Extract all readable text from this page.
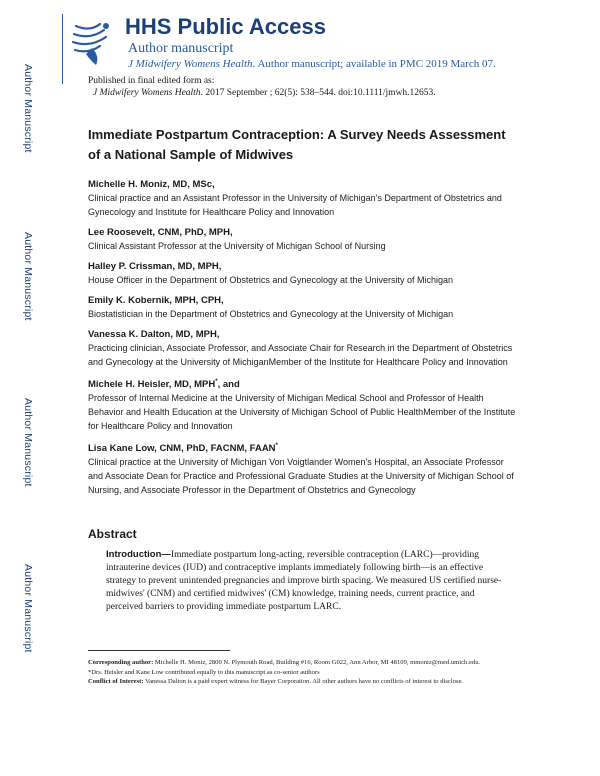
Author Manuscript
Author Manuscript
Author Manuscript
Author Manuscript
HHS Public Access
Author manuscript
J Midwifery Womens Health. Author manuscript; available in PMC 2019 March 07.
Published in final edited form as:
J Midwifery Womens Health. 2017 September ; 62(5): 538–544. doi:10.1111/jmwh.12653.
Immediate Postpartum Contraception: A Survey Needs Assessment of a National Sample of Midwives
Michelle H. Moniz, MD, MSc,
Clinical practice and an Assistant Professor in the University of Michigan's Department of Obstetrics and Gynecology and Institute for Healthcare Policy and Innovation
Lee Roosevelt, CNM, PhD, MPH,
Clinical Assistant Professor at the University of Michigan School of Nursing
Halley P. Crissman, MD, MPH,
House Officer in the Department of Obstetrics and Gynecology at the University of Michigan
Emily K. Kobernik, MPH, CPH,
Biostatistician in the Department of Obstetrics and Gynecology at the University of Michigan
Vanessa K. Dalton, MD, MPH,
Practicing clinician, Associate Professor, and Associate Chair for Research in the Department of Obstetrics and Gynecology at the University of MichiganMember of the Institute for Healthcare Policy and Innovation
Michele H. Heisler, MD, MPH*, and
Professor of Internal Medicine at the University of Michigan Medical School and Professor of Health Behavior and Health Education at the University of Michigan School of Public HealthMember of the Institute for Healthcare Policy and Innovation
Lisa Kane Low, CNM, PhD, FACNM, FAAN*
Clinical practice at the University of Michigan Von Voigtlander Women's Hospital, an Associate Professor and Associate Dean for Practice and Professional Graduate Studies at the University of Michigan School of Nursing, and Associate Professor in the Department of Obstetrics and Gynecology
Abstract
Introduction—Immediate postpartum long-acting, reversible contraception (LARC)—providing intrauterine devices (IUD) and contraceptive implants immediately following birth—is an effective strategy to prevent unintended pregnancies and improve birth spacing. We measured US certified nurse-midwives' (CNM) and certified midwives' (CM) knowledge, training needs, current practice, and perceived barriers to providing immediate postpartum LARC.
Corresponding author: Michelle H. Moniz, 2800 N. Plymouth Road, Building #16, Room G022, Ann Arbor, MI 48109, mmoniz@med.umich.edu.
*Drs. Heisler and Kane Low contributed equally to this manuscript as co-senior authors
Conflict of Interest: Vanessa Dalton is a paid expert witness for Bayer Corporation. All other authors have no conflicts of interest to disclose.
